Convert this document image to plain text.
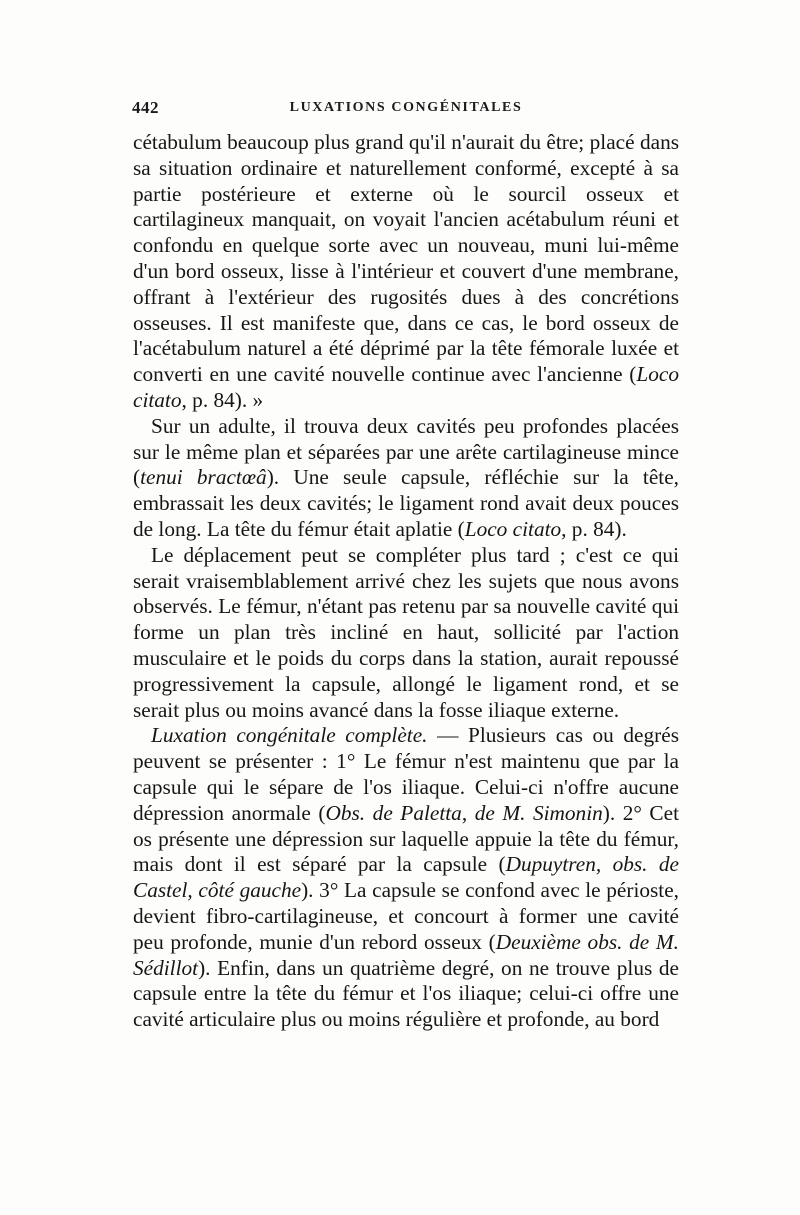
442	LUXATIONS CONGÉNITALES

cétabulum beaucoup plus grand qu'il n'aurait du être; placé dans sa situation ordinaire et naturellement conformé, excepté à sa partie postérieure et externe où le sourcil osseux et cartilagineux manquait, on voyait l'ancien acétabulum réuni et confondu en quelque sorte avec un nouveau, muni lui-même d'un bord osseux, lisse à l'intérieur et couvert d'une membrane, offrant à l'extérieur des rugosités dues à des concrétions osseuses. Il est manifeste que, dans ce cas, le bord osseux de l'acétabulum naturel a été déprimé par la tête fémorale luxée et converti en une cavité nouvelle continue avec l'ancienne (Loco citato, p. 84). »

Sur un adulte, il trouva deux cavités peu profondes placées sur le même plan et séparées par une arête cartilagineuse mince (tenui bractœâ). Une seule capsule, réfléchie sur la tête, embrassait les deux cavités; le ligament rond avait deux pouces de long. La tête du fémur était aplatie (Loco citato, p. 84).

Le déplacement peut se compléter plus tard ; c'est ce qui serait vraisemblablement arrivé chez les sujets que nous avons observés. Le fémur, n'étant pas retenu par sa nouvelle cavité qui forme un plan très incliné en haut, sollicité par l'action musculaire et le poids du corps dans la station, aurait repoussé progressivement la capsule, allongé le ligament rond, et se serait plus ou moins avancé dans la fosse iliaque externe.

Luxation congénitale complète. — Plusieurs cas ou degrés peuvent se présenter : 1° Le fémur n'est maintenu que par la capsule qui le sépare de l'os iliaque. Celui-ci n'offre aucune dépression anormale (Obs. de Paletta, de M. Simonin). 2° Cet os présente une dépression sur laquelle appuie la tête du fémur, mais dont il est séparé par la capsule (Dupuytren, obs. de Castel, côté gauche). 3° La capsule se confond avec le périoste, devient fibro-cartilagineuse, et concourt à former une cavité peu profonde, munie d'un rebord osseux (Deuxième obs. de M. Sédillot). Enfin, dans un quatrième degré, on ne trouve plus de capsule entre la tête du fémur et l'os iliaque; celui-ci offre une cavité articulaire plus ou moins régulière et profonde, au bord
